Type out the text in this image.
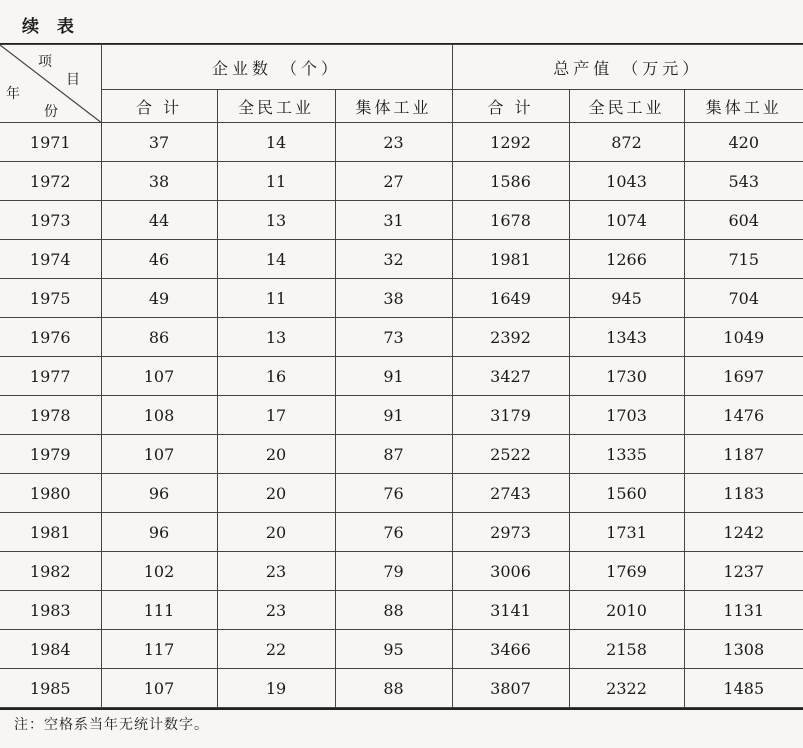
续 表
项
目
年
份	企业数 （个）			总产值 （万元）		
	合 计	全民工业	集体工业	合 计	全民工业	集体工业
1971	37	14	23	1292	872	420
1972	38	11	27	1586	1043	543
1973	44	13	31	1678	1074	604
1974	46	14	32	1981	1266	715
1975	49	11	38	1649	945	704
1976	86	13	73	2392	1343	1049
1977	107	16	91	3427	1730	1697
1978	108	17	91	3179	1703	1476
1979	107	20	87	2522	1335	1187
1980	96	20	76	2743	1560	1183
1981	96	20	76	2973	1731	1242
1982	102	23	79	3006	1769	1237
1983	111	23	88	3141	2010	1131
1984	117	22	95	3466	2158	1308
1985	107	19	88	3807	2322	1485
注：空格系当年无统计数字。
